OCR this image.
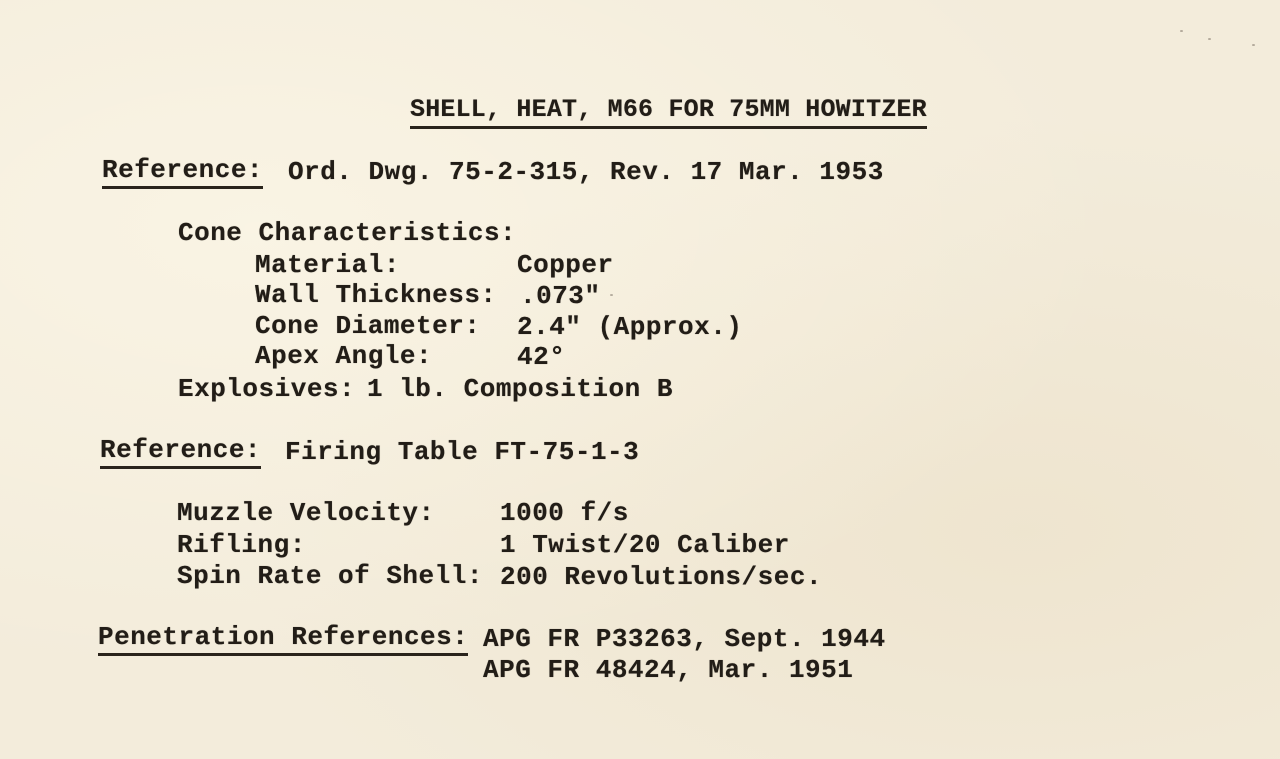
SHELL, HEAT, M66 FOR 75MM HOWITZER
Reference: Ord. Dwg. 75-2-315, Rev. 17 Mar. 1953
Cone Characteristics:
Material:	Copper
Wall Thickness: .073"
Cone Diameter: 2.4" (Approx.)
Apex Angle:	42°
Explosives: 1 lb. Composition B
Reference: Firing Table FT-75-1-3
Muzzle Velocity:	1000 f/s
Rifling:	1 Twist/20 Caliber
Spin Rate of Shell: 200 Revolutions/sec.
Penetration References: APG FR P33263, Sept. 1944
APG FR 48424, Mar. 1951
